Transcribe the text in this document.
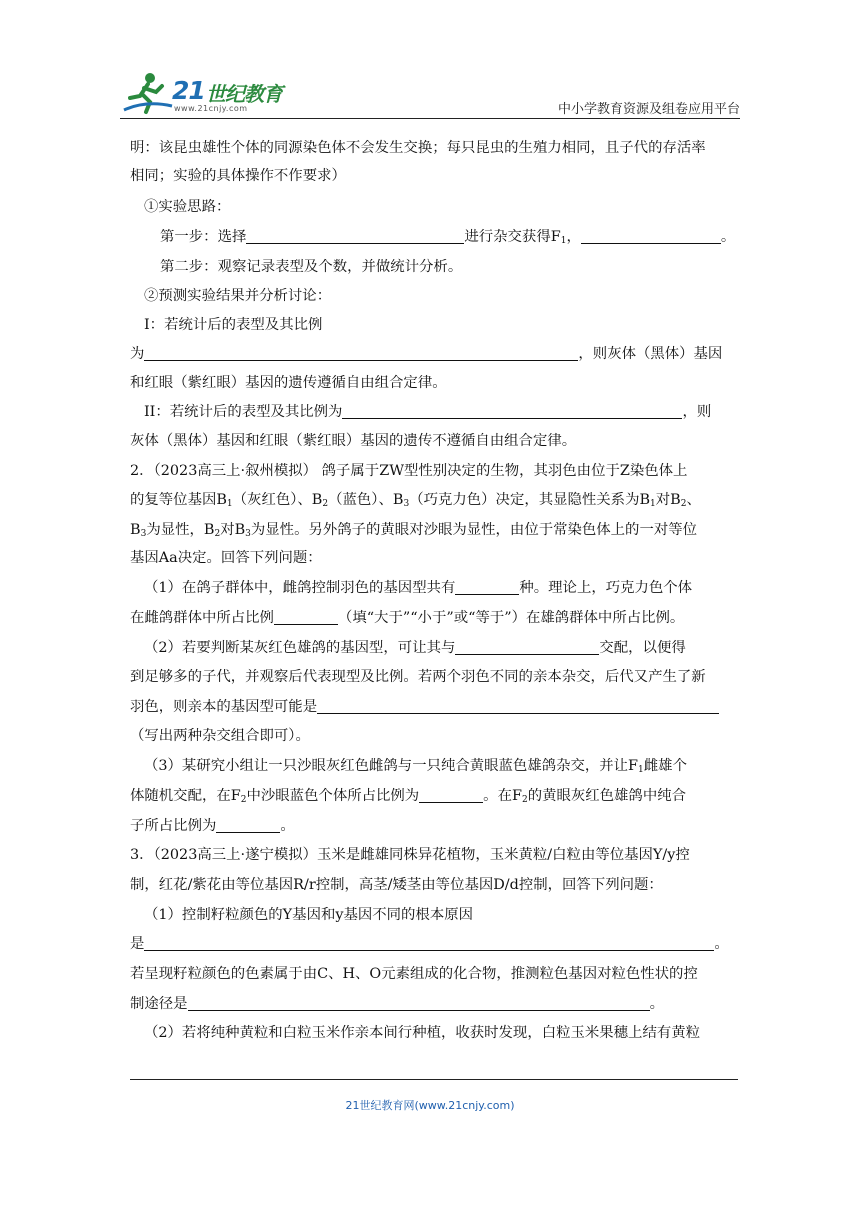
21 世纪教育
www.21cnjy.com	中小学教育资源及组卷应用平台
明：该昆虫雄性个体的同源染色体不会发生交换；每只昆虫的生殖力相同，且子代的存活率
相同；实验的具体操作不作要求）
①实验思路：
第一步：选择	进行杂交获得$F_1$，	。
第二步：观察记录表型及个数，并做统计分析。
②预测实验结果并分析讨论：
I：若统计后的表型及其比例
为	，则灰体（黑体）基因
和红眼（紫红眼）基因的遗传遵循自由组合定律。
II：若统计后的表型及其比例为	，则
灰体（黑体）基因和红眼（紫红眼）基因的遗传不遵循自由组合定律。
2．（2023高三上·叙州模拟） 鸽子属于ZW型性别决定的生物，其羽色由位于Z染色体上
的复等位基因$B_1$（灰红色）、$B_2$（蓝色）、$B_3$（巧克力色）决定，其显隐性关系为$B_1$对$B_2$、
$B_3$为显性，$B_2$对$B_3$为显性。另外鸽子的黄眼对沙眼为显性，由位于常染色体上的一对等位
基因Aa决定。回答下列问题：
（1）在鸽子群体中，雌鸽控制羽色的基因型共有	种。理论上，巧克力色个体
在雌鸽群体中所占比例	（填“大于”“小于”或“等于”）在雄鸽群体中所占比例。
（2）若要判断某灰红色雄鸽的基因型，可让其与	交配，以便得
到足够多的子代，并观察后代表现型及比例。若两个羽色不同的亲本杂交，后代又产生了新
羽色，则亲本的基因型可能是
（写出两种杂交组合即可）。
（3）某研究小组让一只沙眼灰红色雌鸽与一只纯合黄眼蓝色雄鸽杂交，并让$F_1$雌雄个
体随机交配，在$F_2$中沙眼蓝色个体所占比例为	。在$F_2$的黄眼灰红色雄鸽中纯合
子所占比例为	。
3．（2023高三上·遂宁模拟）玉米是雌雄同株异花植物，玉米黄粒/白粒由等位基因Y/y控
制，红花/紫花由等位基因R/r控制，高茎/矮茎由等位基因D/d控制，回答下列问题：
（1）控制籽粒颜色的Y基因和y基因不同的根本原因
是	。
若呈现籽粒颜色的色素属于由C、H、O元素组成的化合物，推测粒色基因对粒色性状的控
制途径是	。
（2）若将纯种黄粒和白粒玉米作亲本间行种植，收获时发现，白粒玉米果穗上结有黄粒
21世纪教育网(www.21cnjy.com)
